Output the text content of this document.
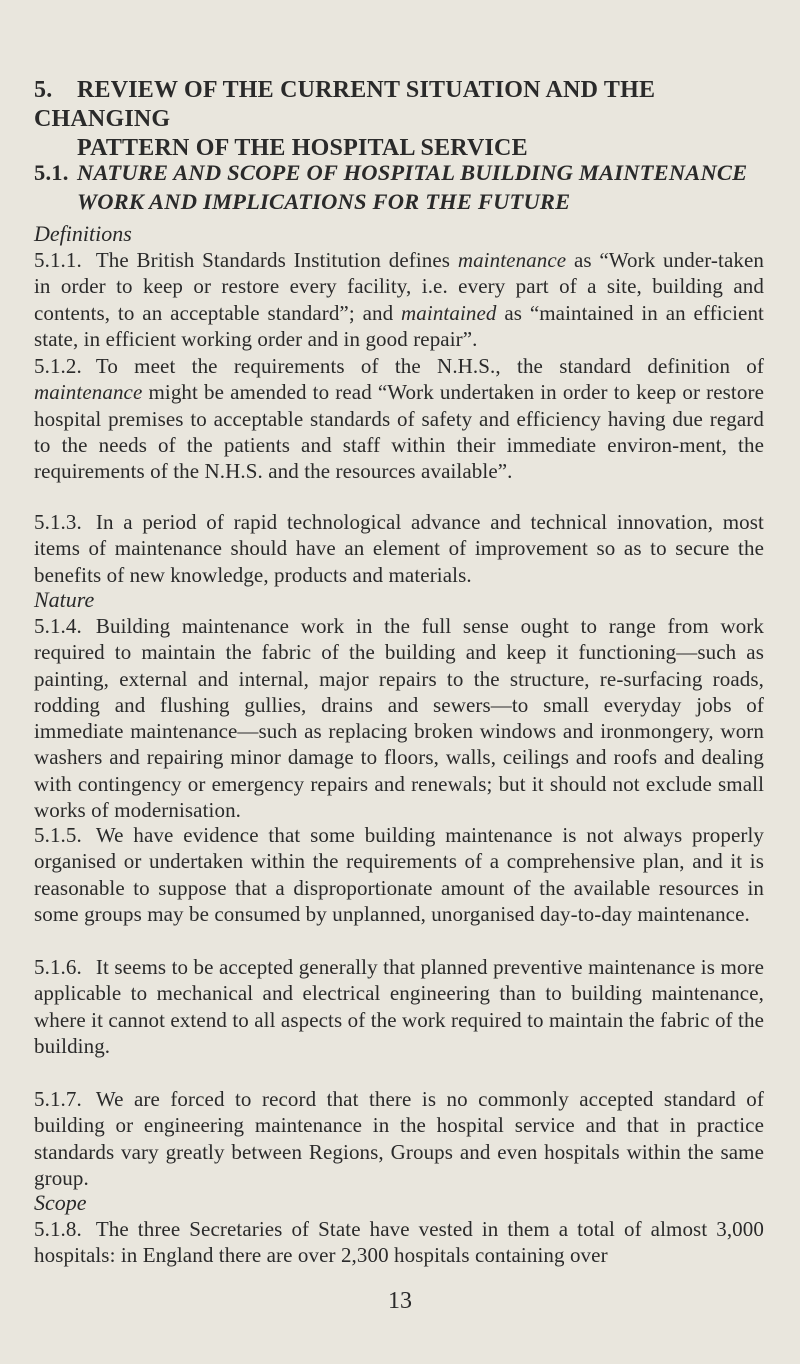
5. REVIEW OF THE CURRENT SITUATION AND THE CHANGING
PATTERN OF THE HOSPITAL SERVICE
5.1. NATURE AND SCOPE OF HOSPITAL BUILDING MAINTENANCE
WORK AND IMPLICATIONS FOR THE FUTURE
Definitions

5.1.1. The British Standards Institution defines maintenance as “Work under-taken in order to keep or restore every facility, i.e. every part of a site, building and contents, to an acceptable standard”; and maintained as “maintained in an efficient state, in efficient working order and in good repair”.

5.1.2. To meet the requirements of the N.H.S., the standard definition of maintenance might be amended to read “Work undertaken in order to keep or restore hospital premises to acceptable standards of safety and efficiency having due regard to the needs of the patients and staff within their immediate environ-ment, the requirements of the N.H.S. and the resources available”.

5.1.3. In a period of rapid technological advance and technical innovation, most items of maintenance should have an element of improvement so as to secure the benefits of new knowledge, products and materials.

Nature

5.1.4. Building maintenance work in the full sense ought to range from work required to maintain the fabric of the building and keep it functioning—such as painting, external and internal, major repairs to the structure, re-surfacing roads, rodding and flushing gullies, drains and sewers—to small everyday jobs of immediate maintenance—such as replacing broken windows and ironmongery, worn washers and repairing minor damage to floors, walls, ceilings and roofs and dealing with contingency or emergency repairs and renewals; but it should not exclude small works of modernisation.

5.1.5. We have evidence that some building maintenance is not always properly organised or undertaken within the requirements of a comprehensive plan, and it is reasonable to suppose that a disproportionate amount of the available resources in some groups may be consumed by unplanned, unorganised day-to-day maintenance.

5.1.6. It seems to be accepted generally that planned preventive maintenance is more applicable to mechanical and electrical engineering than to building maintenance, where it cannot extend to all aspects of the work required to maintain the fabric of the building.

5.1.7. We are forced to record that there is no commonly accepted standard of building or engineering maintenance in the hospital service and that in practice standards vary greatly between Regions, Groups and even hospitals within the same group.

Scope

5.1.8. The three Secretaries of State have vested in them a total of almost 3,000 hospitals: in England there are over 2,300 hospitals containing over

13
